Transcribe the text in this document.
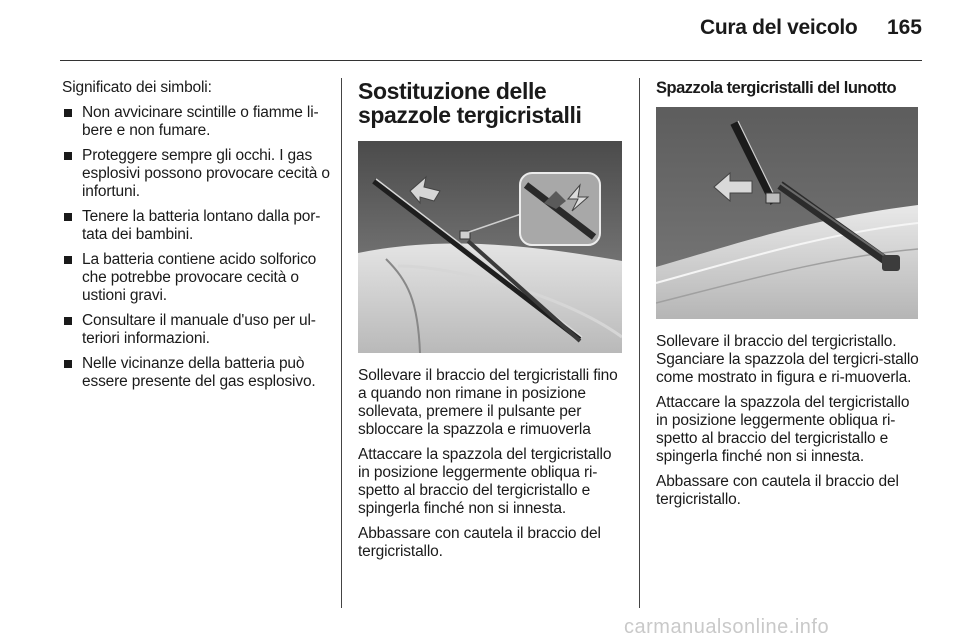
Cura del veicolo	165

Significato dei simboli:

Non avvicinare scintille o fiamme li-bere e non fumare.
Proteggere sempre gli occhi. I gas esplosivi possono provocare cecità o infortuni.
Tenere la batteria lontano dalla por-tata dei bambini.
La batteria contiene acido solforico che potrebbe provocare cecità o ustioni gravi.
Consultare il manuale d'uso per ul-teriori informazioni.
Nelle vicinanze della batteria può essere presente del gas esplosivo.
Sostituzione delle spazzole tergicristalli

Sollevare il braccio del tergicristalli fino a quando non rimane in posizione sollevata, premere il pulsante per sbloccare la spazzola e rimuoverla

Attaccare la spazzola del tergicristallo in posizione leggermente obliqua ri-spetto al braccio del tergicristallo e spingerla finché non si innesta.

Abbassare con cautela il braccio del tergicristallo.

Spazzola tergicristalli del lunotto

Sollevare il braccio del tergicristallo. Sganciare la spazzola del tergicri-stallo come mostrato in figura e ri-muoverla.

Attaccare la spazzola del tergicristallo in posizione leggermente obliqua ri-spetto al braccio del tergicristallo e spingerla finché non si innesta.

Abbassare con cautela il braccio del tergicristallo.

carmanualsonline.info
